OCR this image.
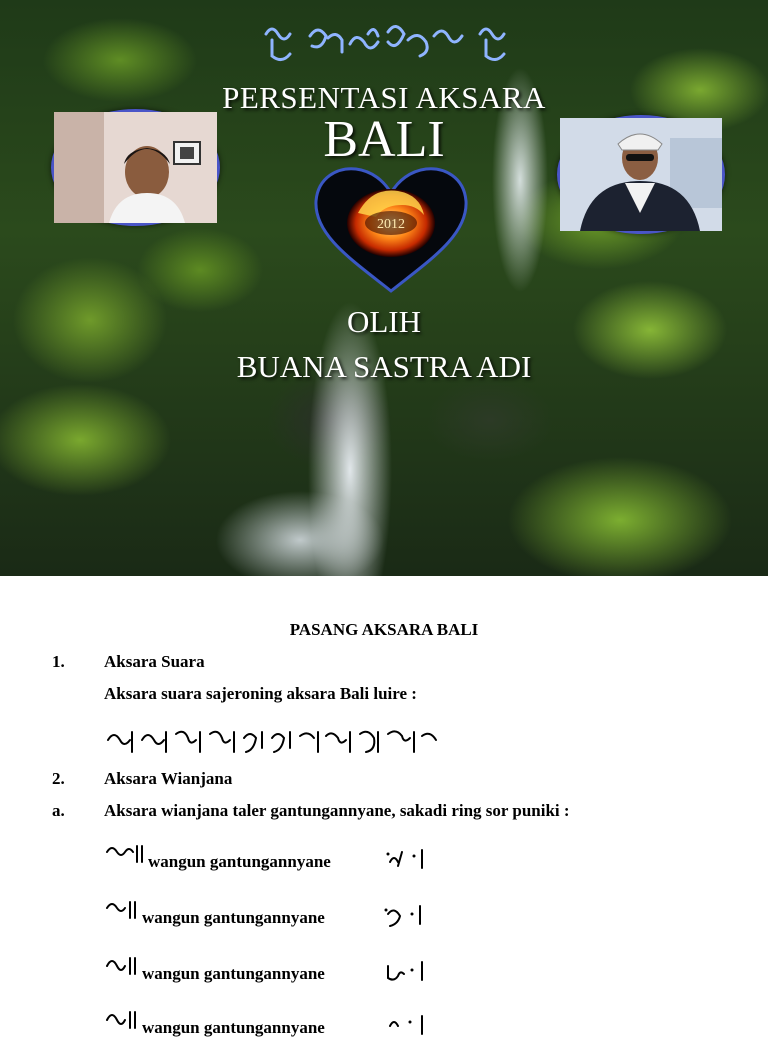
PERSENTASI AKSARA
BALI
2012
OLIH
BUANA SASTRA ADI
PASANG AKSARA BALI
1. Aksara Suara
Aksara suara sajeroning aksara Bali luire :
2. Aksara Wianjana
a. Aksara wianjana taler gantungannyane, sakadi ring sor puniki :
wangun gantungannyane
wangun gantungannyane
wangun gantungannyane
wangun gantungannyane
